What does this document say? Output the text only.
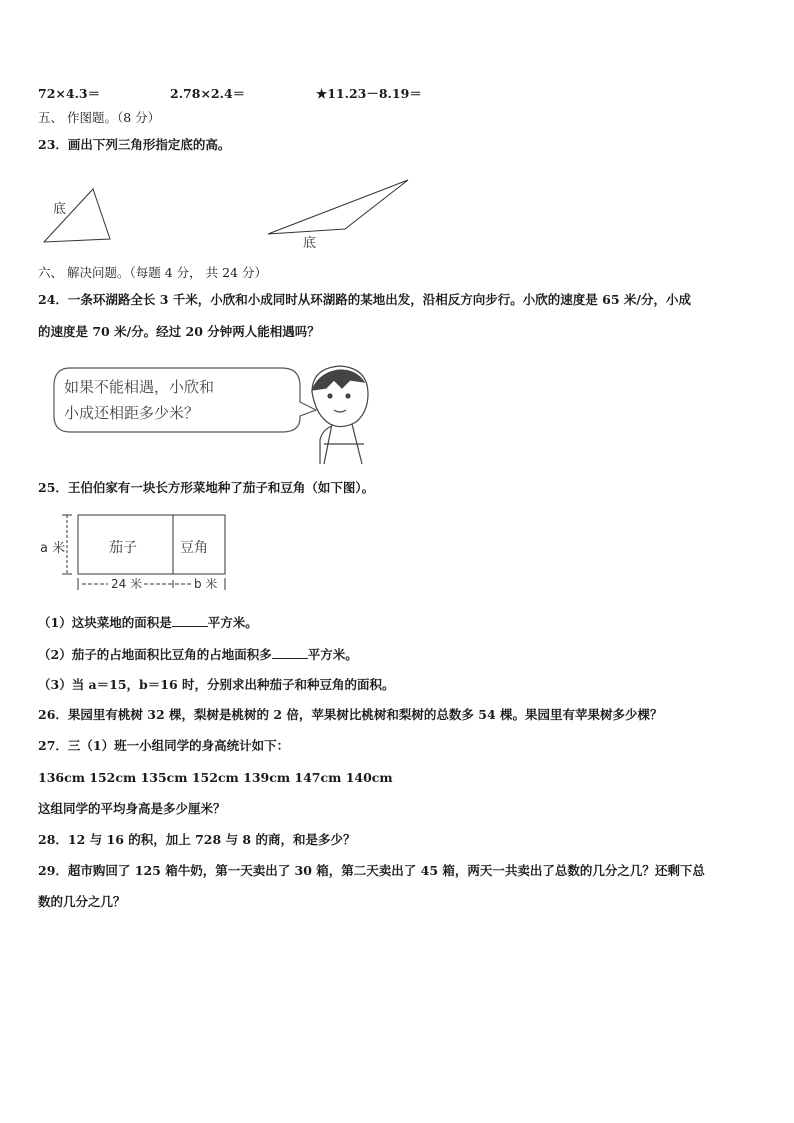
72×4.3＝	2.78×2.4＝	★11.23－8.19＝
五、 作图题。（8 分）
23．画出下列三角形指定底的高。
底
底
六、 解决问题。（每题 4 分， 共 24 分）
24．一条环湖路全长 3 千米，小欣和小成同时从环湖路的某地出发，沿相反方向步行。小欣的速度是 65 米/分，小成
的速度是 70 米/分。经过 20 分钟两人能相遇吗？
如果不能相遇，小欣和
小成还相距多少米？
25．王伯伯家有一块长方形菜地种了茄子和豆角（如下图）。
a 米	茄子	豆角
24 米	b 米
（1）这块菜地的面积是	平方米。
（2）茄子的占地面积比豆角的占地面积多	平方米。
（3）当 a＝15，b＝16 时，分别求出种茄子和种豆角的面积。
26．果园里有桃树 32 棵，梨树是桃树的 2 倍，苹果树比桃树和梨树的总数多 54 棵。果园里有苹果树多少棵？
27．三（1）班一小组同学的身高统计如下：
136cm 152cm 135cm 152cm 139cm 147cm 140cm
这组同学的平均身高是多少厘米？
28．12 与 16 的积，加上 728 与 8 的商，和是多少？
29．超市购回了 125 箱牛奶，第一天卖出了 30 箱，第二天卖出了 45 箱，两天一共卖出了总数的几分之几？还剩下总
数的几分之几？
